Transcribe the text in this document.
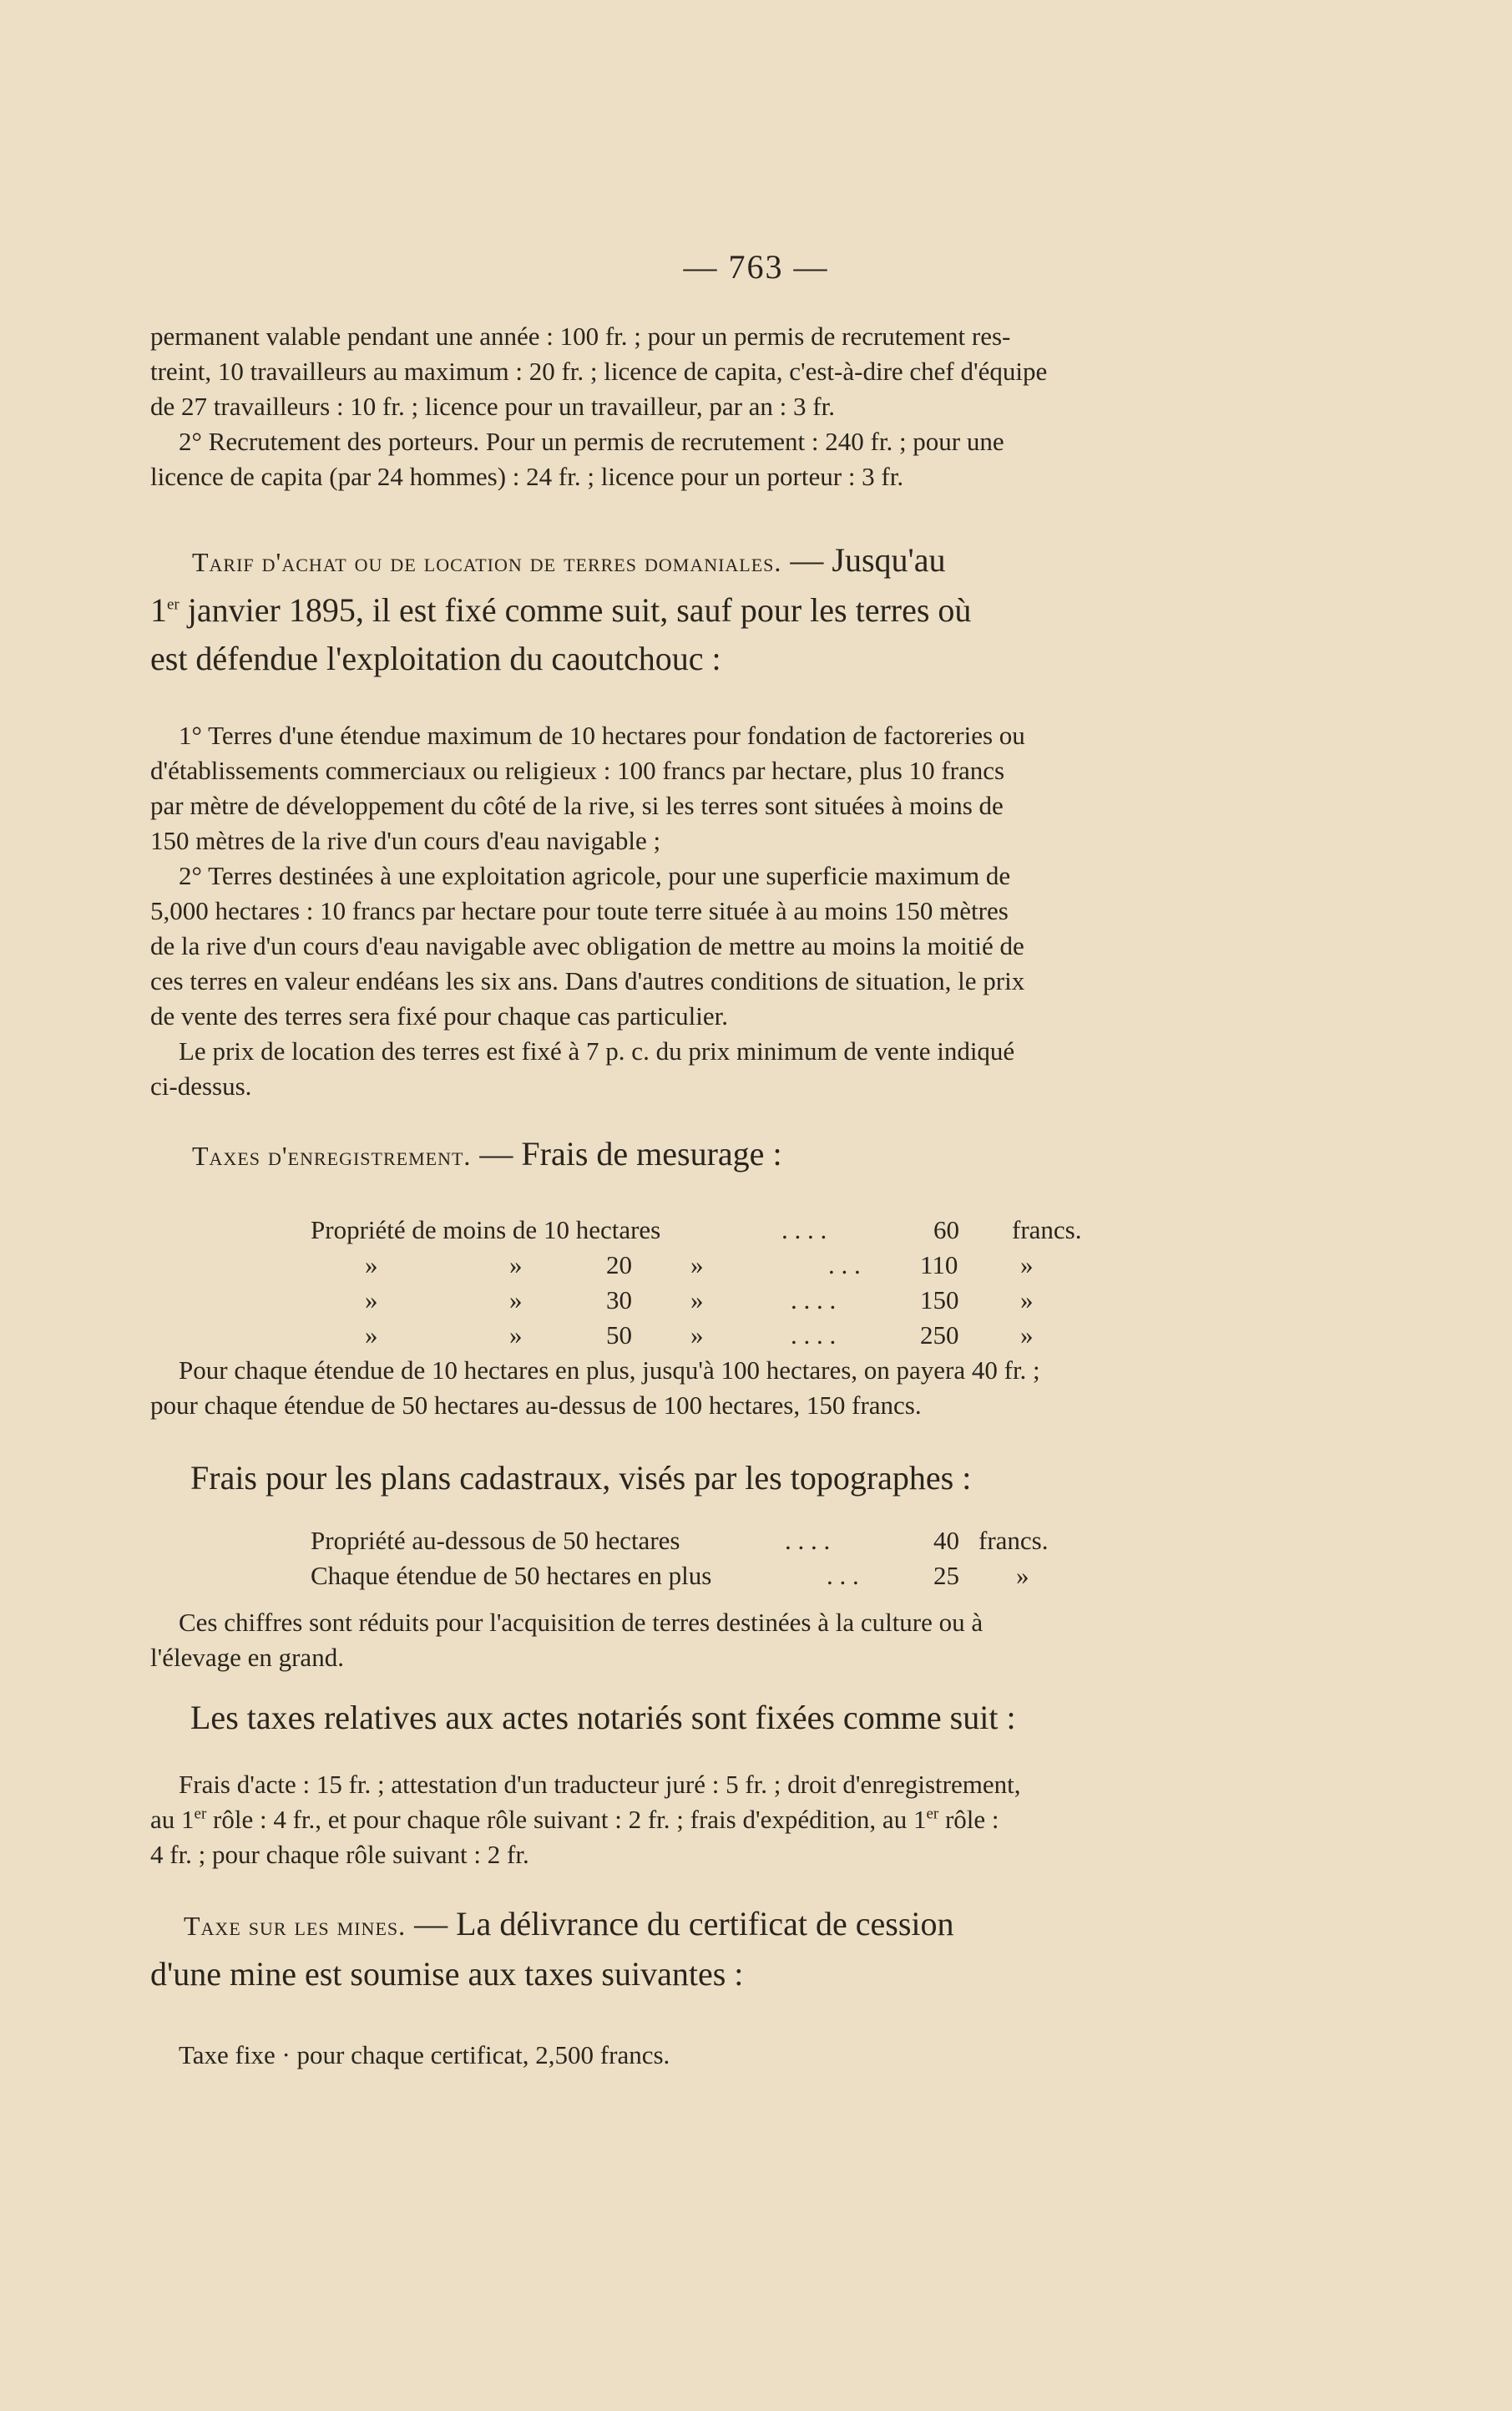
— 763 —

permanent valable pendant une année : 100 fr. ; pour un permis de recrutement res-

treint, 10 travailleurs au maximum : 20 fr. ; licence de capita, c'est-à-dire chef d'équipe

de 27 travailleurs : 10 fr. ; licence pour un travailleur, par an : 3 fr.

2° Recrutement des porteurs. Pour un permis de recrutement : 240 fr. ; pour une

licence de capita (par 24 hommes) : 24 fr. ; licence pour un porteur : 3 fr.

Tarif d'achat ou de location de terres domaniales. — Jusqu'au

1er janvier 1895, il est fixé comme suit, sauf pour les terres où

est défendue l'exploitation du caoutchouc :

1° Terres d'une étendue maximum de 10 hectares pour fondation de factoreries ou

d'établissements commerciaux ou religieux : 100 francs par hectare, plus 10 francs

par mètre de développement du côté de la rive, si les terres sont situées à moins de

150 mètres de la rive d'un cours d'eau navigable ;

2° Terres destinées à une exploitation agricole, pour une superficie maximum de

5,000 hectares : 10 francs par hectare pour toute terre située à au moins 150 mètres

de la rive d'un cours d'eau navigable avec obligation de mettre au moins la moitié de

ces terres en valeur endéans les six ans. Dans d'autres conditions de situation, le prix

de vente des terres sera fixé pour chaque cas particulier.

Le prix de location des terres est fixé à 7 p. c. du prix minimum de vente indiqué

ci-dessus.

Taxes d'enregistrement. — Frais de mesurage :

Propriété de moins de 10 hectares	. . . .	60 francs.
»	»	20 »	. . . 110 »
»	»	30 »	. . . .	150 »
»	»	50 »	. . . .	250 »

Pour chaque étendue de 10 hectares en plus, jusqu'à 100 hectares, on payera 40 fr. ;

pour chaque étendue de 50 hectares au-dessus de 100 hectares, 150 francs.

Frais pour les plans cadastraux, visés par les topographes :

Propriété au-dessous de 50 hectares	. . . .	40 francs.
Chaque étendue de 50 hectares en plus	. . .	25 »

Ces chiffres sont réduits pour l'acquisition de terres destinées à la culture ou à

l'élevage en grand.

Les taxes relatives aux actes notariés sont fixées comme suit :

Frais d'acte : 15 fr. ; attestation d'un traducteur juré : 5 fr. ; droit d'enregistrement,

au 1er rôle : 4 fr., et pour chaque rôle suivant : 2 fr. ; frais d'expédition, au 1er rôle :

4 fr. ; pour chaque rôle suivant : 2 fr.

Taxe sur les mines. — La délivrance du certificat de cession

d'une mine est soumise aux taxes suivantes :

Taxe fixe · pour chaque certificat, 2,500 francs.
